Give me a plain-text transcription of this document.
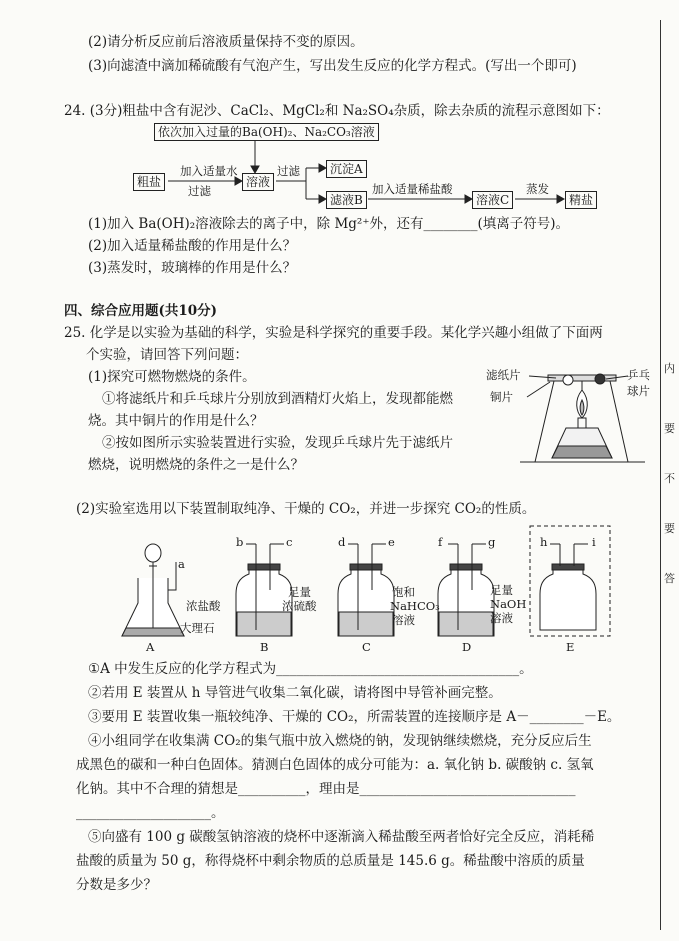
(2)请分析反应前后溶液质量保持不变的原因。
(3)向滤渣中滴加稀硫酸有气泡产生，写出发生反应的化学方程式。(写出一个即可)
24. (3分)粗盐中含有泥沙、CaCl₂、MgCl₂和 Na₂SO₄杂质，除去杂质的流程示意图如下：
依次加入过量的Ba(OH)₂、Na₂CO₃溶液
粗盐
加入适量水
过滤
溶液
过滤	沉淀A
滤液B
加入适量稀盐酸
溶液C
蒸发
精盐
(1)加入 Ba(OH)₂溶液除去的离子中，除 Mg²⁺外，还有________(填离子符号)。
(2)加入适量稀盐酸的作用是什么？
(3)蒸发时，玻璃棒的作用是什么？
四、综合应用题(共10分)
25. 化学是以实验为基础的科学，实验是科学探究的重要手段。某化学兴趣小组做了下面两
个实验，请回答下列问题：
(1)探究可燃物燃烧的条件。
①将滤纸片和乒乓球片分别放到酒精灯火焰上，发现都能燃
烧。其中铜片的作用是什么？
②按如图所示实验装置进行实验，发现乒乓球片先于滤纸片
燃烧，说明燃烧的条件之一是什么？
滤纸片	乒乓
球片
铜片
(2)实验室选用以下装置制取纯净、干燥的 CO₂，并进一步探究 CO₂的性质。
a
b	c	d	e	f	g	h	i
浓盐酸
大理石
足量
浓硫酸
饱和
NaHCO₃
溶液
足量
NaOH
溶液
A	B	C	D	E
①A 中发生反应的化学方程式为____________________________________。
②若用 E 装置从 h 导管进气收集二氧化碳，请将图中导管补画完整。
③要用 E 装置收集一瓶较纯净、干燥的 CO₂，所需装置的连接顺序是 A－________－E。
④小组同学在收集满 CO₂的集气瓶中放入燃烧的钠，发现钠继续燃烧，充分反应后生
成黑色的碳和一种白色固体。猜测白色固体的成分可能为：a. 氧化钠 b. 碳酸钠 c. 氢氧
化钠。其中不合理的猜想是__________，理由是________________________________
____________________。
⑤向盛有 100 g 碳酸氢钠溶液的烧杯中逐渐滴入稀盐酸至两者恰好完全反应，消耗稀
盐酸的质量为 50 g，称得烧杯中剩余物质的总质量是 145.6 g。稀盐酸中溶质的质量
分数是多少？
内
要
不
要
答
